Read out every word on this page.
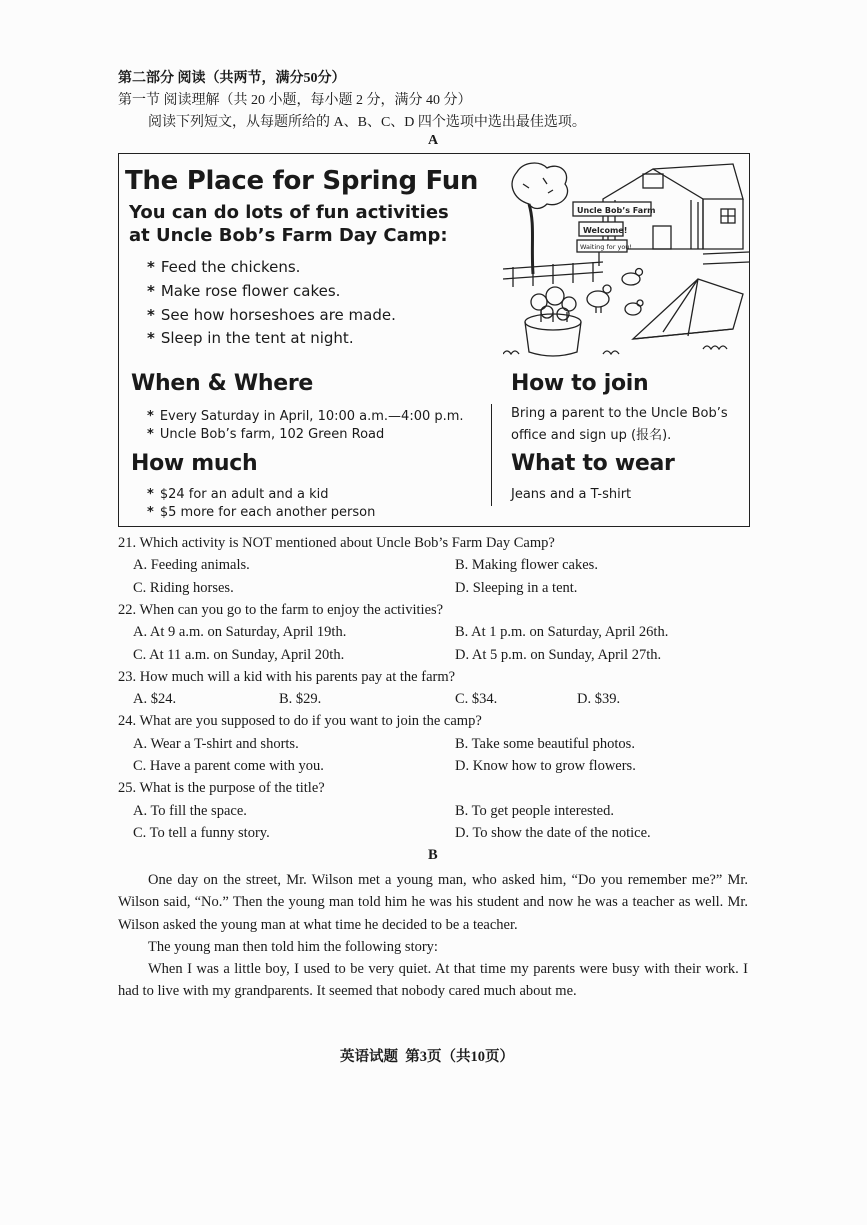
第二部分 阅读（共两节，满分50分）
第一节 阅读理解（共 20 小题，每小题 2 分，满分 40 分）
阅读下列短文，从每题所给的 A、B、C、D 四个选项中选出最佳选项。
A
The Place for Spring Fun
You can do lots of fun activities
at Uncle Bob’s Farm Day Camp:
* Feed the chickens.
* Make rose flower cakes.
* See how horseshoes are made.
* Sleep in the tent at night.
Uncle Bob’s Farm
Welcome!
Waiting for you!
When & Where
* Every Saturday in April, 10:00 a.m.—4:00 p.m.
* Uncle Bob’s farm, 102 Green Road
How much
* $24 for an adult and a kid
* $5 more for each another person
How to join
Bring a parent to the Uncle Bob’s
office and sign up (报名).
What to wear
Jeans and a T-shirt
21. Which activity is NOT mentioned about Uncle Bob’s Farm Day Camp?
A. Feeding animals.	B. Making flower cakes.
C. Riding horses.	D. Sleeping in a tent.
22. When can you go to the farm to enjoy the activities?
A. At 9 a.m. on Saturday, April 19th.	B. At 1 p.m. on Saturday, April 26th.
C. At 11 a.m. on Sunday, April 20th.	D. At 5 p.m. on Sunday, April 27th.
23. How much will a kid with his parents pay at the farm?
A. $24.	B. $29.	C. $34.	D. $39.
24. What are you supposed to do if you want to join the camp?
A. Wear a T-shirt and shorts.	B. Take some beautiful photos.
C. Have a parent come with you.	D. Know how to grow flowers.
25. What is the purpose of the title?
A. To fill the space.	B. To get people interested.
C. To tell a funny story.	D. To show the date of the notice.
B
One day on the street, Mr. Wilson met a young man, who asked him, “Do you remember me?” Mr. Wilson said, “No.” Then the young man told him he was his student and now he was a teacher as well. Mr. Wilson asked the young man at what time he decided to be a teacher.
The young man then told him the following story:
When I was a little boy, I used to be very quiet. At that time my parents were busy with their work. I had to live with my grandparents. It seemed that nobody cared much about me.
英语试题  第3页（共10页）
